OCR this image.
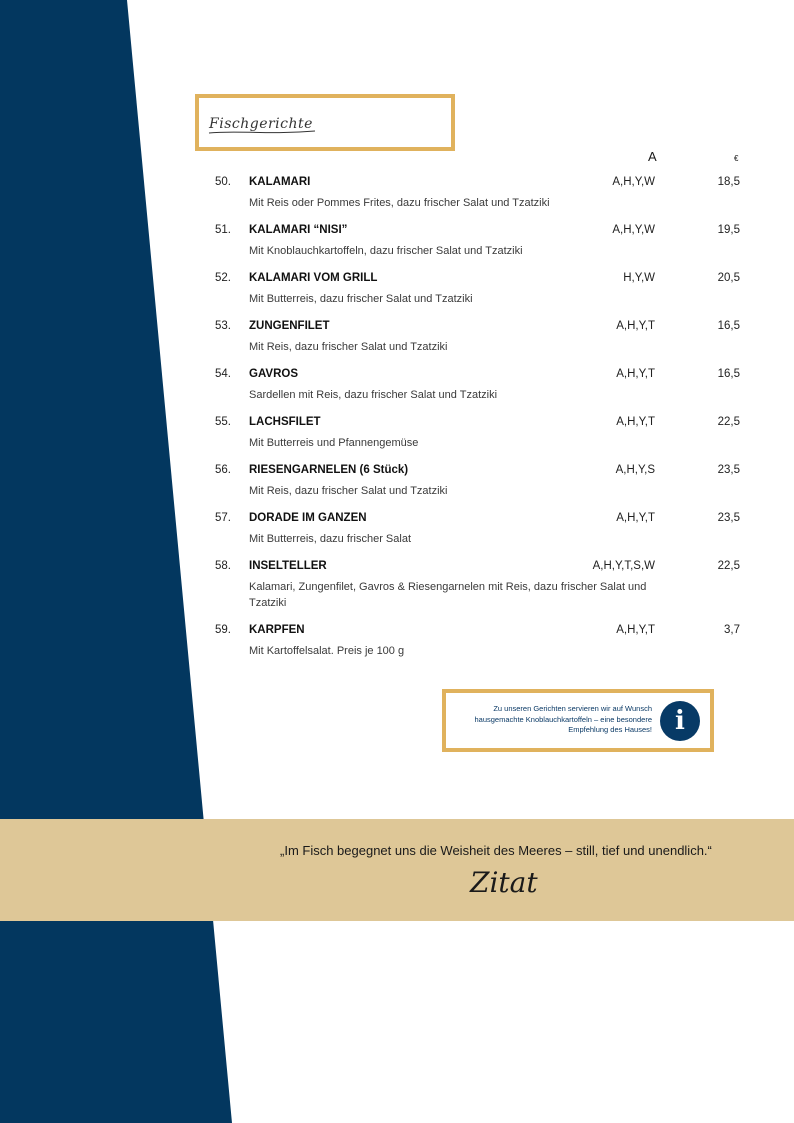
Fischgerichte
A	€
50. KALAMARI	A,H,Y,W	18,5
Mit Reis oder Pommes Frites, dazu frischer Salat und Tzatziki
51. KALAMARI “NISI”	A,H,Y,W	19,5
Mit Knoblauchkartoffeln, dazu frischer Salat und Tzatziki
52. KALAMARI VOM GRILL	H,Y,W	20,5
Mit Butterreis, dazu frischer Salat und Tzatziki
53. ZUNGENFILET	A,H,Y,T	16,5
Mit Reis, dazu frischer Salat und Tzatziki
54. GAVROS	A,H,Y,T	16,5
Sardellen mit Reis, dazu frischer Salat und Tzatziki
55. LACHSFILET	A,H,Y,T	22,5
Mit Butterreis und Pfannengemüse
56. RIESENGARNELEN (6 Stück)	A,H,Y,S	23,5
Mit Reis, dazu frischer Salat und Tzatziki
57. DORADE IM GANZEN	A,H,Y,T	23,5
Mit Butterreis, dazu frischer Salat
58. INSELTELLER	A,H,Y,T,S,W	22,5
Kalamari, Zungenfilet, Gavros & Riesengarnelen mit Reis, dazu frischer Salat und Tzatziki
59. KARPFEN	A,H,Y,T	3,7
Mit Kartoffelsalat. Preis je 100 g
Zu unseren Gerichten servieren wir auf Wunsch hausgemachte Knoblauchkartoffeln – eine besondere Empfehlung des Hauses! i
„Im Fisch begegnet uns die Weisheit des Meeres – still, tief und unendlich.“
Zitat
